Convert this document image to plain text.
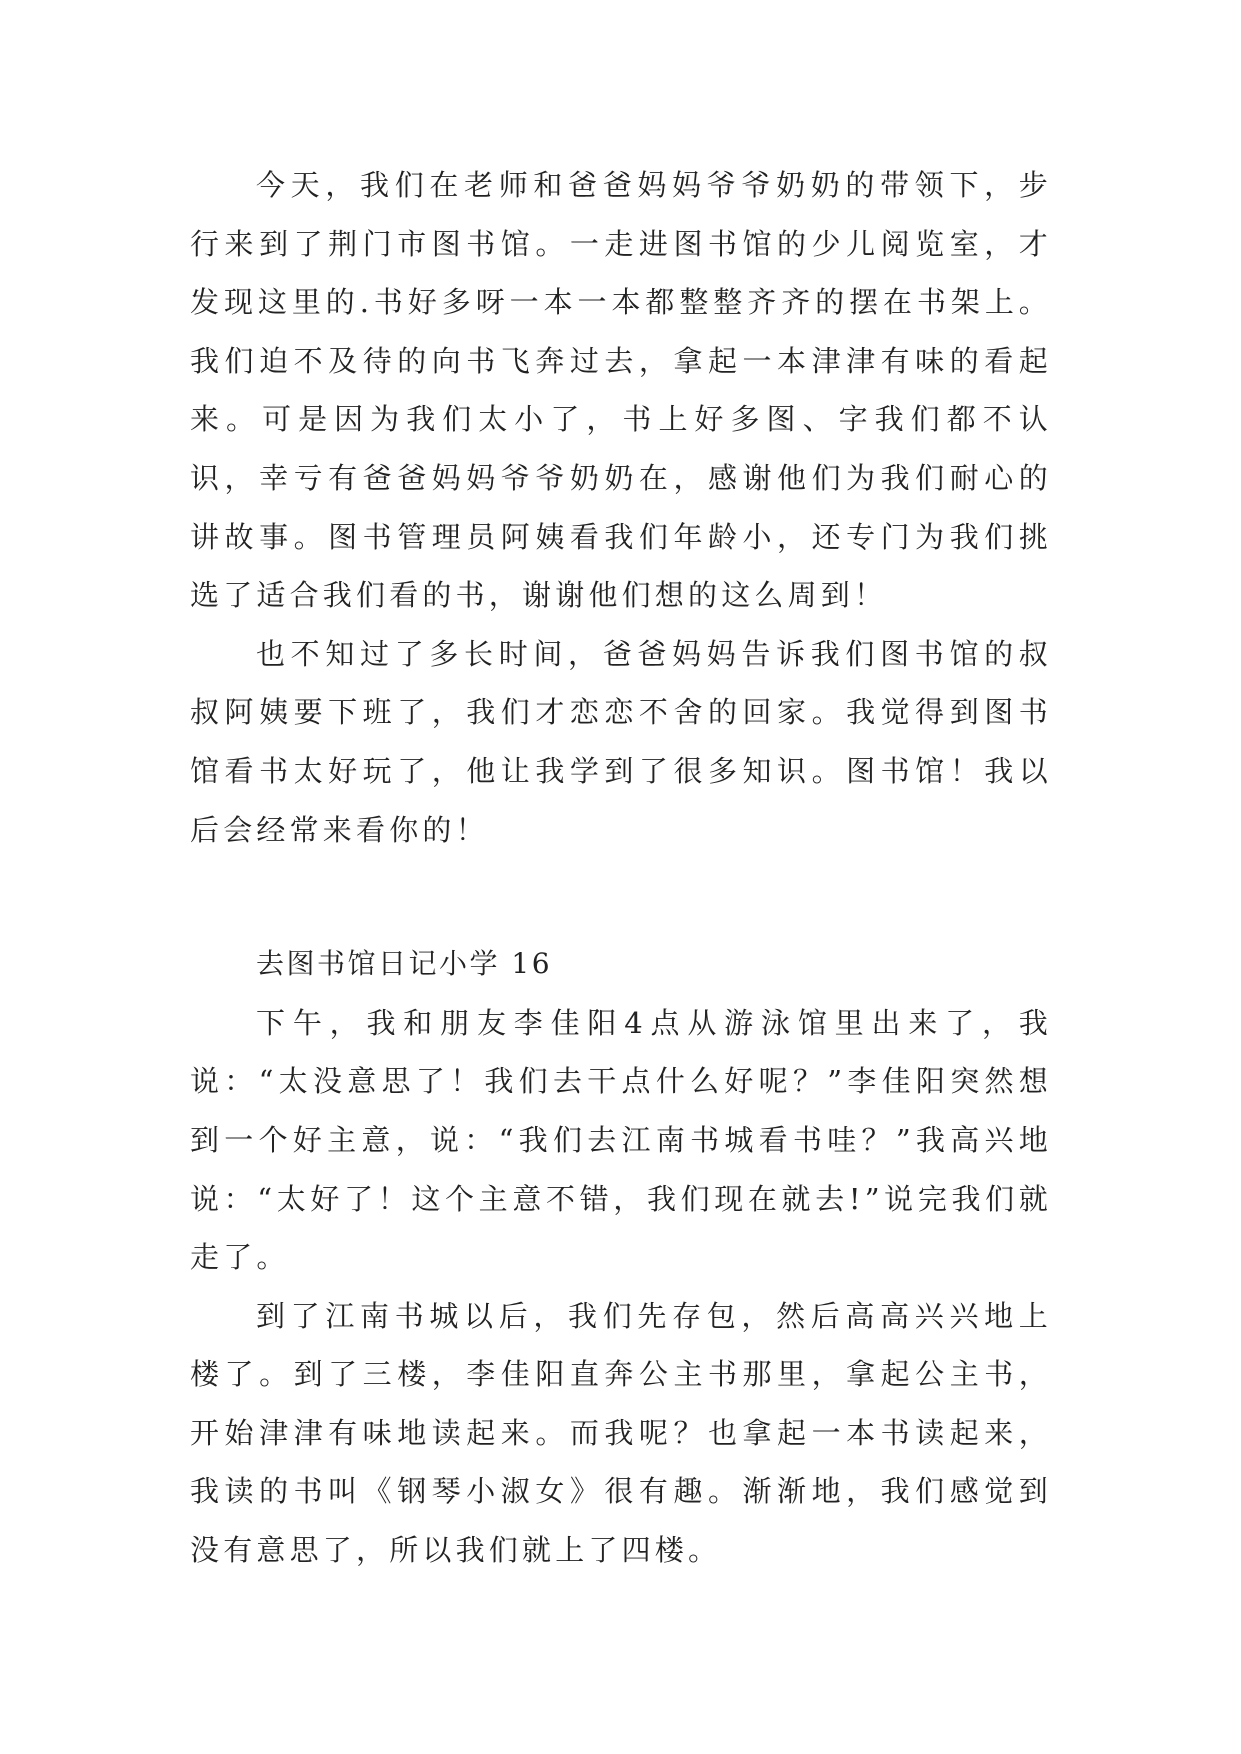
今天，我们在老师和爸爸妈妈爷爷奶奶的带领下，步行来到了荆门市图书馆。一走进图书馆的少儿阅览室，才发现这里的.书好多呀一本一本都整整齐齐的摆在书架上。我们迫不及待的向书飞奔过去，拿起一本津津有味的看起来。可是因为我们太小了，书上好多图、字我们都不认识，幸亏有爸爸妈妈爷爷奶奶在，感谢他们为我们耐心的讲故事。图书管理员阿姨看我们年龄小，还专门为我们挑选了适合我们看的书，谢谢他们想的这么周到！

也不知过了多长时间，爸爸妈妈告诉我们图书馆的叔叔阿姨要下班了，我们才恋恋不舍的回家。我觉得到图书馆看书太好玩了，他让我学到了很多知识。图书馆！我以后会经常来看你的！

去图书馆日记小学 16

下午，我和朋友李佳阳4点从游泳馆里出来了，我说：“太没意思了！我们去干点什么好呢？”李佳阳突然想到一个好主意，说：“我们去江南书城看书哇？”我高兴地说：“太好了！这个主意不错，我们现在就去!”说完我们就走了。

到了江南书城以后，我们先存包，然后高高兴兴地上楼了。到了三楼，李佳阳直奔公主书那里，拿起公主书，开始津津有味地读起来。而我呢？也拿起一本书读起来，我读的书叫《钢琴小淑女》很有趣。渐渐地，我们感觉到没有意思了，所以我们就上了四楼。
